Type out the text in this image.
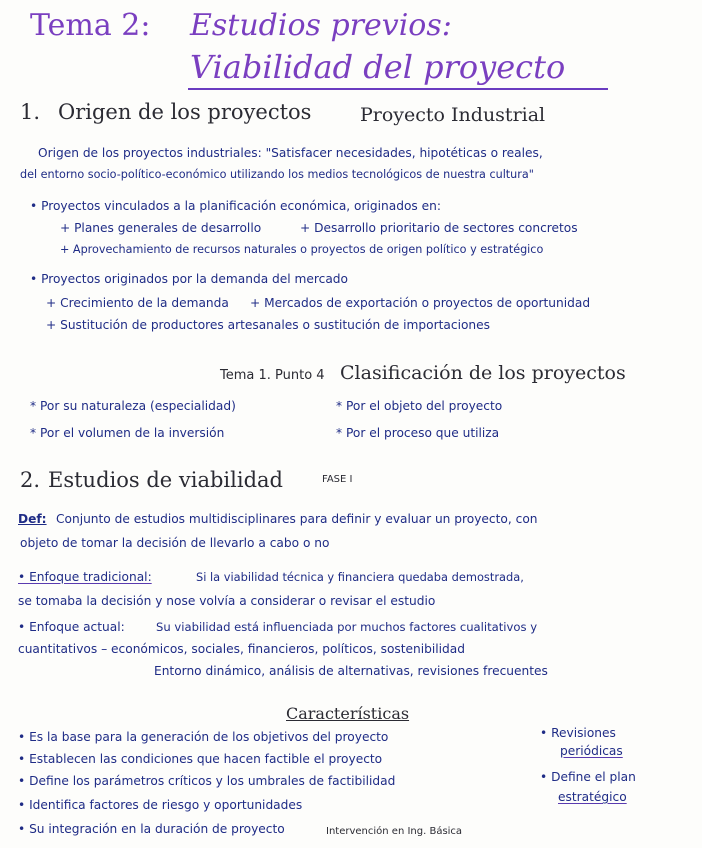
Tema 2: Estudios previos:
Viabilidad del proyecto
1. Origen de los proyectos	Proyecto Industrial
Origen de los proyectos industriales: "Satisfacer necesidades, hipotéticas o reales,
del entorno socio-político-económico utilizando los medios tecnológicos de nuestra cultura"
• Proyectos vinculados a la planificación económica, originados en:
+ Planes generales de desarrollo	+ Desarrollo prioritario de sectores concretos
+ Aprovechamiento de recursos naturales o proyectos de origen político y estratégico
• Proyectos originados por la demanda del mercado
+ Crecimiento de la demanda + Mercados de exportación o proyectos de oportunidad
+ Sustitución de productores artesanales o sustitución de importaciones
Tema 1. Punto 4 Clasificación de los proyectos
* Por su naturaleza (especialidad)	* Por el objeto del proyecto
* Por el volumen de la inversión	* Por el proceso que utiliza
2. Estudios de viabilidad	FASE I
Def: Conjunto de estudios multidisciplinares para definir y evaluar un proyecto, con
objeto de tomar la decisión de llevarlo a cabo o no
• Enfoque tradicional:	Si la viabilidad técnica y financiera quedaba demostrada,
se tomaba la decisión y nose volvía a considerar o revisar el estudio
• Enfoque actual:	Su viabilidad está influenciada por muchos factores cualitativos y
cuantitativos – económicos, sociales, financieros, políticos, sostenibilidad
Entorno dinámico, análisis de alternativas, revisiones frecuentes
Características
• Es la base para la generación de los objetivos del proyecto
• Establecen las condiciones que hacen factible el proyecto
• Define los parámetros críticos y los umbrales de factibilidad
• Identifica factores de riesgo y oportunidades
• Su integración en la duración de proyecto	Intervención en Ing. Básica
• Revisiones
periódicas
• Define el plan
estratégico
